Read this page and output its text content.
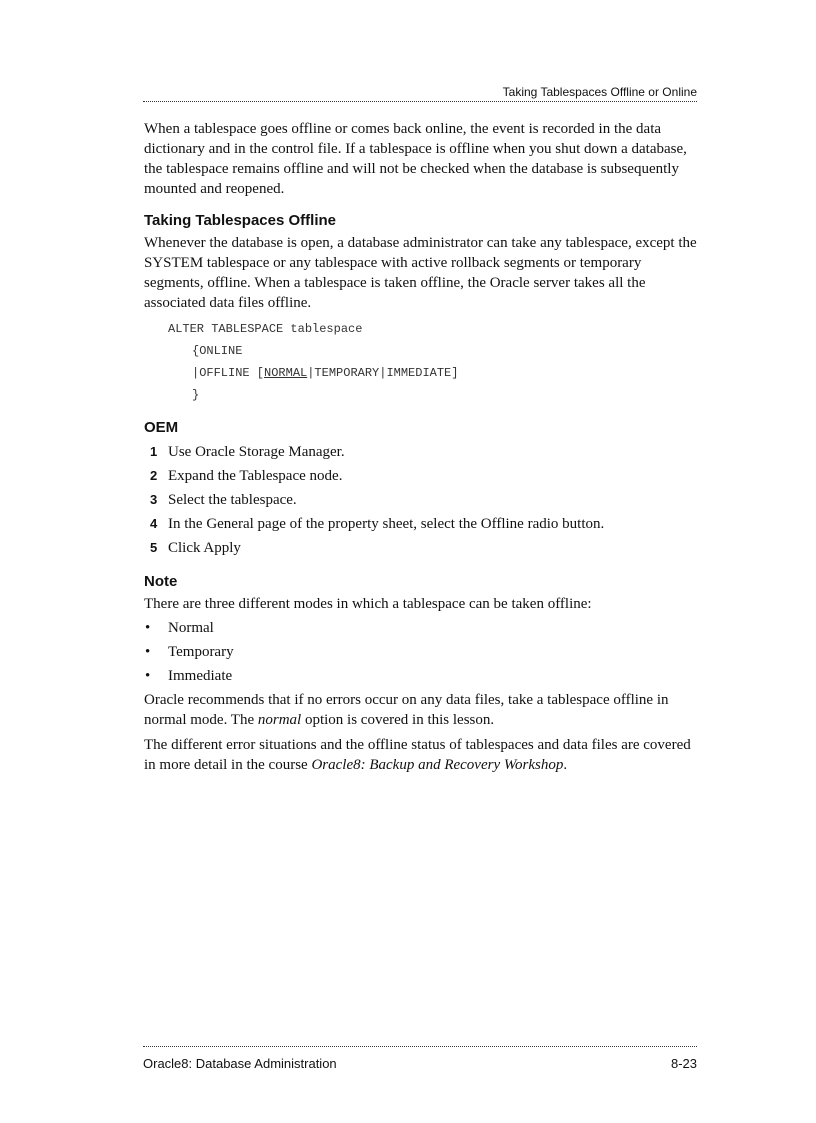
Taking Tablespaces Offline or Online

When a tablespace goes offline or comes back online, the event is recorded in the data dictionary and in the control file. If a tablespace is offline when you shut down a database, the tablespace remains offline and will not be checked when the database is subsequently mounted and reopened.

Taking Tablespaces Offline

Whenever the database is open, a database administrator can take any tablespace, except the SYSTEM tablespace or any tablespace with active rollback segments or temporary segments, offline. When a tablespace is taken offline, the Oracle server takes all the associated data files offline.

ALTER TABLESPACE tablespace
{ONLINE
|OFFLINE [NORMAL|TEMPORARY|IMMEDIATE]
}
OEM
1 Use Oracle Storage Manager.
2 Expand the Tablespace node.
3 Select the tablespace.
4 In the General page of the property sheet, select the Offline radio button.
5 Click Apply
Note

There are three different modes in which a tablespace can be taken offline:

•	Normal
•	Temporary
•	Immediate

Oracle recommends that if no errors occur on any data files, take a tablespace offline in normal mode. The normal option is covered in this lesson.

The different error situations and the offline status of tablespaces and data files are covered in more detail in the course Oracle8: Backup and Recovery Workshop.

Oracle8: Database Administration	8-23
